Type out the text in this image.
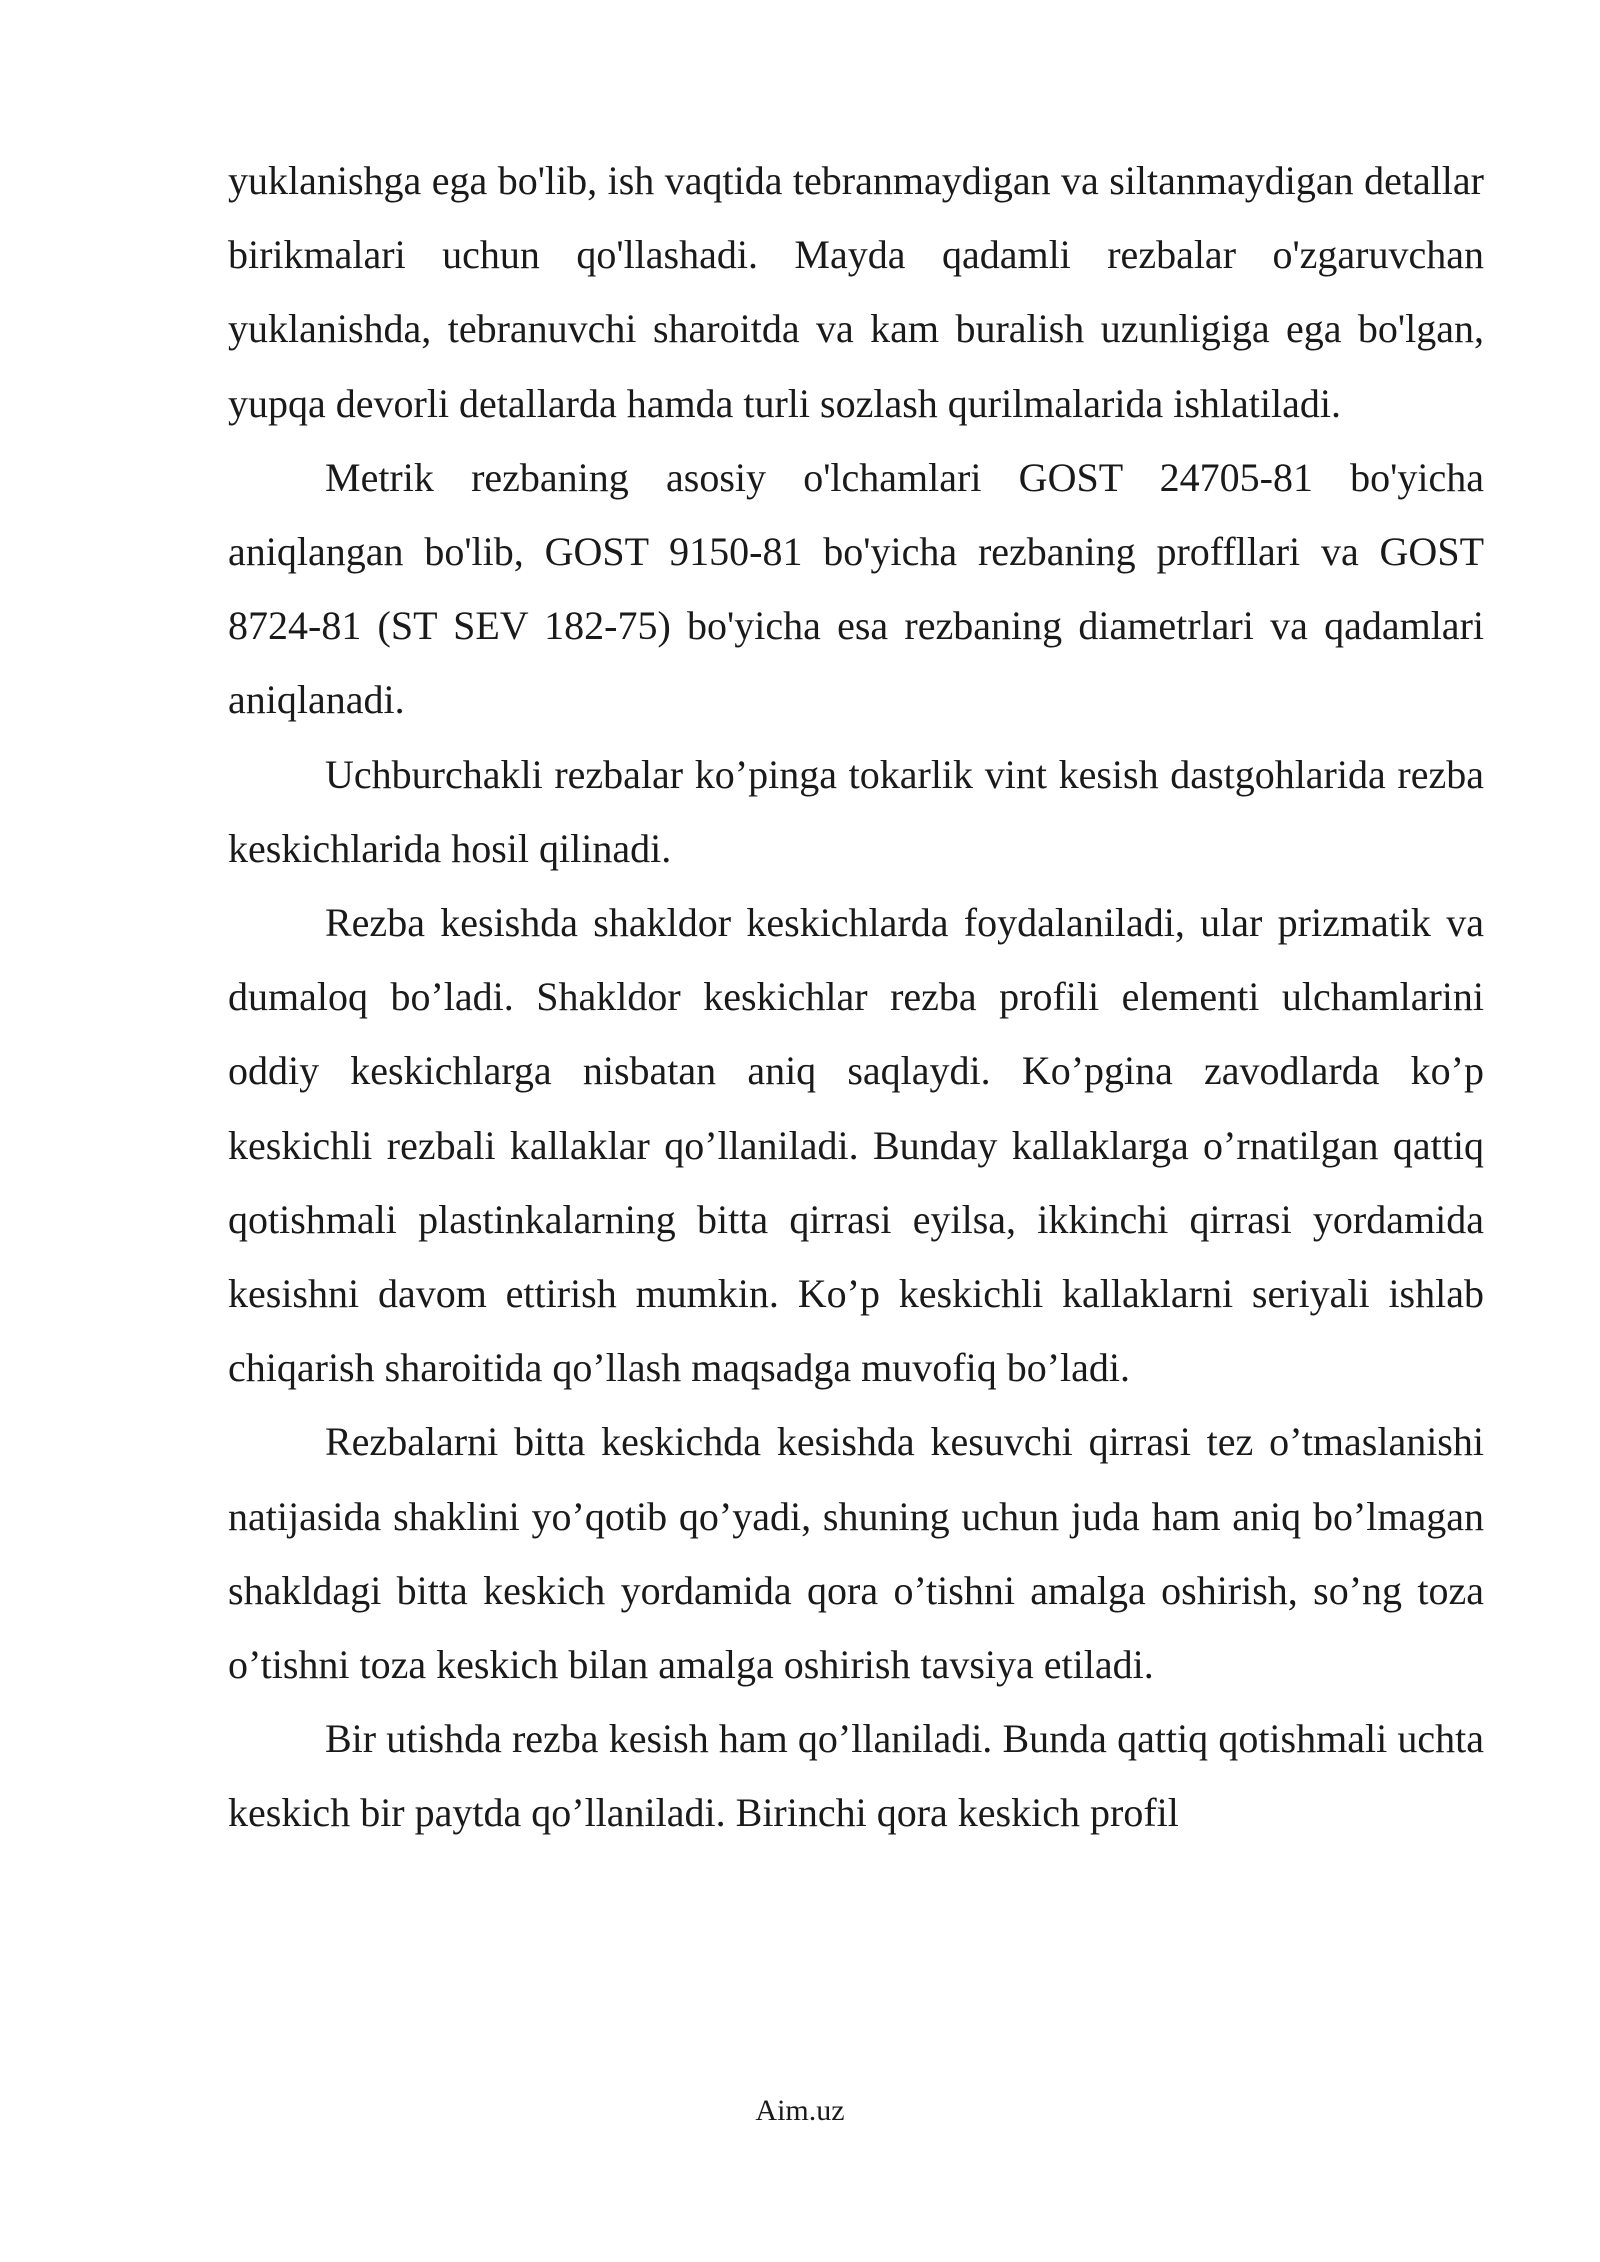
yuklanishga ega bo'lib, ish vaqtida tebranmaydigan va siltanmaydigan detallar birikmalari uchun qo'llashadi. Mayda qadamli rezbalar o'zgaruvchan yuklanishda, tebranuvchi sharoitda va kam buralish uzunligiga ega bo'lgan, yupqa devorli detallarda hamda turli sozlash qurilmalarida ishlatiladi.

Metrik rezbaning asosiy o'lchamlari GOST 24705-81 bo'yicha aniqlangan bo'lib, GOST 9150-81 bo'yicha rezbaning proffllari va GOST 8724-81 (ST SEV 182-75) bo'yicha esa rezbaning diametrlari va qadamlari aniqlanadi.

Uchburchakli rezbalar ko’pinga tokarlik vint kesish dastgohlarida rezba keskichlarida hosil qilinadi.

Rezba kesishda shakldor keskichlarda foydalaniladi, ular prizmatik va dumaloq bo’ladi. Shakldor keskichlar rezba profili elementi ulchamlarini oddiy keskichlarga nisbatan aniq saqlaydi. Ko’pgina zavodlarda ko’p keskichli rezbali kallaklar qo’llaniladi. Bunday kallaklarga o’rnatilgan qattiq qotishmali plastinkalarning bitta qirrasi eyilsa, ikkinchi qirrasi yordamida kesishni davom ettirish mumkin. Ko’p keskichli kallaklarni seriyali ishlab chiqarish sharoitida qo’llash maqsadga muvofiq bo’ladi.

Rezbalarni bitta keskichda kesishda kesuvchi qirrasi tez o’tmaslanishi natijasida shaklini yo’qotib qo’yadi, shuning uchun juda ham aniq bo’lmagan shakldagi bitta keskich yordamida qora o’tishni amalga oshirish, so’ng toza o’tishni toza keskich bilan amalga oshirish tavsiya etiladi.

Bir utishda rezba kesish ham qo’llaniladi. Bunda qattiq qotishmali uchta keskich bir paytda qo’llaniladi. Birinchi qora keskich profil

Aim.uz
